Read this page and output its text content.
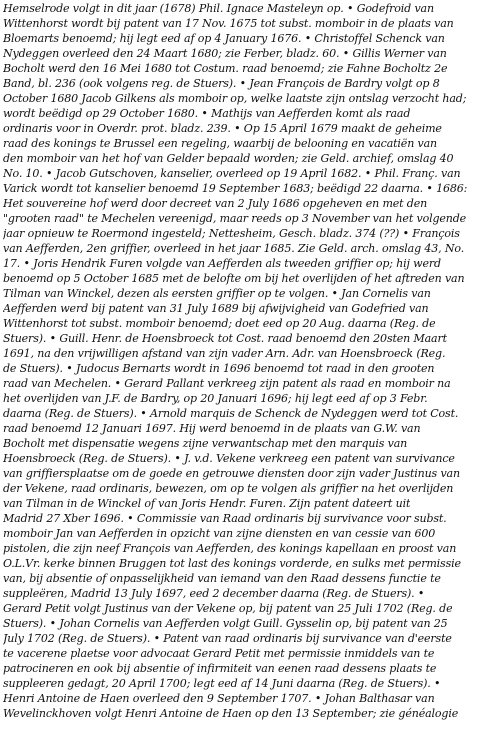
Hemselrode volgt in dit jaar (1678) Phil. Ignace Masteleyn op. • Godefroid van
Wittenhorst wordt bij patent van 17 Nov. 1675 tot subst. momboir in de plaats van
Bloemarts benoemd; hij legt eed af op 4 January 1676. • Christoffel Schenck van
Nydeggen overleed den 24 Maart 1680; zie Ferber, bladz. 60. • Gillis Werner van
Bocholt werd den 16 Mei 1680 tot Costum. raad benoemd; zie Fahne Bocholtz 2e
Band, bl. 236 (ook volgens reg. de Stuers). • Jean François de Bardry volgt op 8
October 1680 Jacob Gilkens als momboir op, welke laatste zijn ontslag verzocht had;
wordt beëdigd op 29 October 1680. • Mathijs van Aefferden komt als raad
ordinaris voor in Overdr. prot. bladz. 239. • Op 15 April 1679 maakt de geheime
raad des konings te Brussel een regeling, waarbij de belooning en vacatiën van
den momboir van het hof van Gelder bepaald worden; zie Geld. archief, omslag 40
No. 10. • Jacob Gutschoven, kanselier, overleed op 19 April 1682. • Phil. Franç. van
Varick wordt tot kanselier benoemd 19 September 1683; beëdigd 22 daarna. • 1686:
Het souvereine hof werd door decreet van 2 July 1686 opgeheven en met den
"grooten raad" te Mechelen vereenigd, maar reeds op 3 November van het volgende
jaar opnieuw te Roermond ingesteld; Nettesheim, Gesch. bladz. 374 (??) • François
van Aefferden, 2en griffier, overleed in het jaar 1685. Zie Geld. arch. omslag 43, No.
17. • Joris Hendrik Furen volgde van Aefferden als tweeden griffier op; hij werd
benoemd op 5 October 1685 met de belofte om bij het overlijden of het aftreden van
Tilman van Winckel, dezen als eersten griffier op te volgen. • Jan Cornelis van
Aefferden werd bij patent van 31 July 1689 bij afwijvigheid van Godefried van
Wittenhorst tot subst. momboir benoemd; doet eed op 20 Aug. daarna (Reg. de
Stuers). • Guill. Henr. de Hoensbroeck tot Cost. raad benoemd den 20sten Maart
1691, na den vrijwilligen afstand van zijn vader Arn. Adr. van Hoensbroeck (Reg.
de Stuers). • Judocus Bernarts wordt in 1696 benoemd tot raad in den grooten
raad van Mechelen. • Gerard Pallant verkreeg zijn patent als raad en momboir na
het overlijden van J.F. de Bardry, op 20 Januari 1696; hij legt eed af op 3 Febr.
daarna (Reg. de Stuers). • Arnold marquis de Schenck de Nydeggen werd tot Cost.
raad benoemd 12 Januari 1697. Hij werd benoemd in de plaats van G.W. van
Bocholt met dispensatie wegens zijne verwantschap met den marquis van
Hoensbroeck (Reg. de Stuers). • J. v.d. Vekene verkreeg een patent van survivance
van griffiersplaatse om de goede en getrouwe diensten door zijn vader Justinus van
der Vekene, raad ordinaris, bewezen, om op te volgen als griffier na het overlijden
van Tilman in de Winckel of van Joris Hendr. Furen. Zijn patent dateert uit
Madrid 27 Xber 1696. • Commissie van Raad ordinaris bij survivance voor subst.
momboir Jan van Aefferden in opzicht van zijne diensten en van cessie van 600
pistolen, die zijn neef François van Aefferden, des konings kapellaan en proost van
O.L.Vr. kerke binnen Bruggen tot last des konings vorderde, en sulks met permissie
van, bij absentie of onpasselijkheid van iemand van den Raad dessens functie te
suppleëren, Madrid 13 July 1697, eed 2 december daarna (Reg. de Stuers). •
Gerard Petit volgt Justinus van der Vekene op, bij patent van 25 Juli 1702 (Reg. de
Stuers). • Johan Cornelis van Aefferden volgt Guill. Gysselin op, bij patent van 25
July 1702 (Reg. de Stuers). • Patent van raad ordinaris bij survivance van d'eerste
te vacerene plaetse voor advocaat Gerard Petit met permissie inmiddels van te
patrocineren en ook bij absentie of infirmiteit van eenen raad dessens plaats te
suppleeren gedagt, 20 April 1700; legt eed af 14 Juni daarna (Reg. de Stuers). •
Henri Antoine de Haen overleed den 9 September 1707. • Johan Balthasar van
Wevelinckhoven volgt Henri Antoine de Haen op den 13 September; zie généalogie
